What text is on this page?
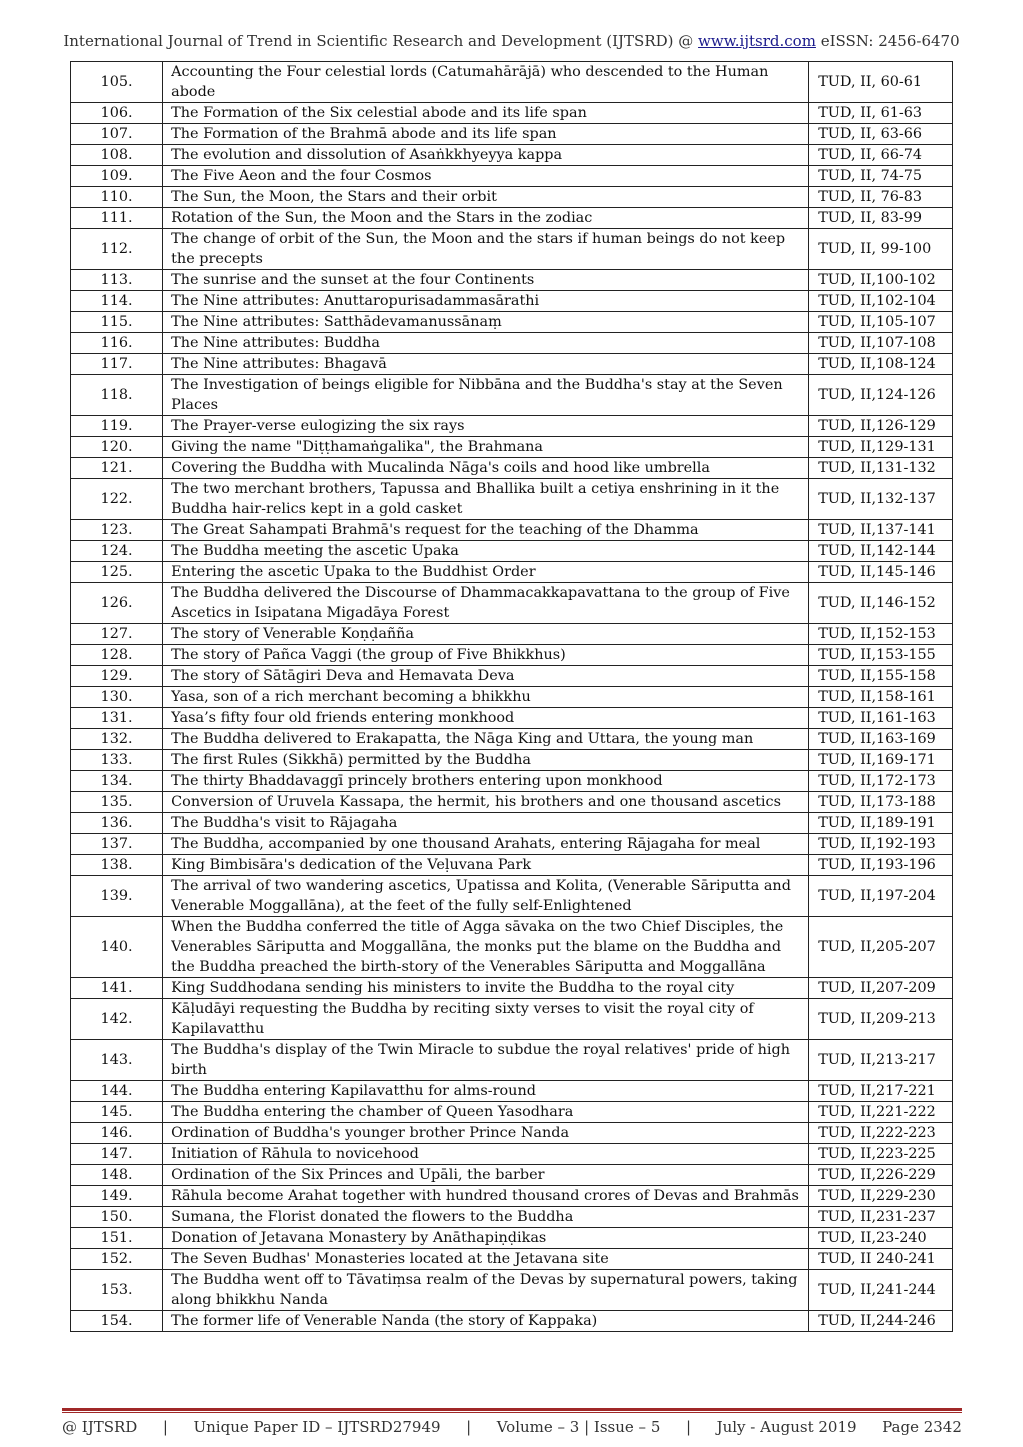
International Journal of Trend in Scientific Research and Development (IJTSRD) @ www.ijtsrd.com eISSN: 2456-6470
105.	Accounting the Four celestial lords (Catumahārājā) who descended to the Human abode	TUD, II, 60-61
106.	The Formation of the Six celestial abode and its life span	TUD, II, 61-63
107.	The Formation of the Brahmā abode and its life span	TUD, II, 63-66
108.	The evolution and dissolution of Asaṅkkhyeyya kappa	TUD, II, 66-74
109.	The Five Aeon and the four Cosmos	TUD, II, 74-75
110.	The Sun, the Moon, the Stars and their orbit	TUD, II, 76-83
111.	Rotation of the Sun, the Moon and the Stars in the zodiac	TUD, II, 83-99
112.	The change of orbit of the Sun, the Moon and the stars if human beings do not keep the precepts	TUD, II, 99-100
113.	The sunrise and the sunset at the four Continents	TUD, II,100-102
114.	The Nine attributes: Anuttaropurisadammasārathi	TUD, II,102-104
115.	The Nine attributes: Satthādevamanussānaṃ	TUD, II,105-107
116.	The Nine attributes: Buddha	TUD, II,107-108
117.	The Nine attributes: Bhagavā	TUD, II,108-124
118.	The Investigation of beings eligible for Nibbāna and the Buddha's stay at the Seven Places	TUD, II,124-126
119.	The Prayer-verse eulogizing the six rays	TUD, II,126-129
120.	Giving the name "Diṭṭhamaṅgalika", the Brahmana	TUD, II,129-131
121.	Covering the Buddha with Mucalinda Nāga's coils and hood like umbrella	TUD, II,131-132
122.	The two merchant brothers, Tapussa and Bhallika built a cetiya enshrining in it the Buddha hair-relics kept in a gold casket	TUD, II,132-137
123.	The Great Sahampati Brahmā's request for the teaching of the Dhamma	TUD, II,137-141
124.	The Buddha meeting the ascetic Upaka	TUD, II,142-144
125.	Entering the ascetic Upaka to the Buddhist Order	TUD, II,145-146
126.	The Buddha delivered the Discourse of Dhammacakkapavattana to the group of Five Ascetics in Isipatana Migadāya Forest	TUD, II,146-152
127.	The story of Venerable Koṇḍañña	TUD, II,152-153
128.	The story of Pañca Vaggi (the group of Five Bhikkhus)	TUD, II,153-155
129.	The story of Sātāgiri Deva and Hemavata Deva	TUD, II,155-158
130.	Yasa, son of a rich merchant becoming a bhikkhu	TUD, II,158-161
131.	Yasa’s fifty four old friends entering monkhood	TUD, II,161-163
132.	The Buddha delivered to Erakapatta, the Nāga King and Uttara, the young man	TUD, II,163-169
133.	The first Rules (Sikkhā) permitted by the Buddha	TUD, II,169-171
134.	The thirty Bhaddavaggī princely brothers entering upon monkhood	TUD, II,172-173
135.	Conversion of Uruvela Kassapa, the hermit, his brothers and one thousand ascetics	TUD, II,173-188
136.	The Buddha's visit to Rājagaha	TUD, II,189-191
137.	The Buddha, accompanied by one thousand Arahats, entering Rājagaha for meal	TUD, II,192-193
138.	King Bimbisāra's dedication of the Veḷuvana Park	TUD, II,193-196
139.	The arrival of two wandering ascetics, Upatissa and Kolita, (Venerable Sāriputta and Venerable Moggallāna), at the feet of the fully self-Enlightened	TUD, II,197-204
140.	When the Buddha conferred the title of Agga sāvaka on the two Chief Disciples, the Venerables Sāriputta and Moggallāna, the monks put the blame on the Buddha and the Buddha preached the birth-story of the Venerables Sāriputta and Moggallāna	TUD, II,205-207
141.	King Suddhodana sending his ministers to invite the Buddha to the royal city	TUD, II,207-209
142.	Kāḷudāyi requesting the Buddha by reciting sixty verses to visit the royal city of Kapilavatthu	TUD, II,209-213
143.	The Buddha's display of the Twin Miracle to subdue the royal relatives' pride of high birth	TUD, II,213-217
144.	The Buddha entering Kapilavatthu for alms-round	TUD, II,217-221
145.	The Buddha entering the chamber of Queen Yasodhara	TUD, II,221-222
146.	Ordination of Buddha's younger brother Prince Nanda	TUD, II,222-223
147.	Initiation of Rāhula to novicehood	TUD, II,223-225
148.	Ordination of the Six Princes and Upāli, the barber	TUD, II,226-229
149.	Rāhula become Arahat together with hundred thousand crores of Devas and Brahmās	TUD, II,229-230
150.	Sumana, the Florist donated the flowers to the Buddha	TUD, II,231-237
151.	Donation of Jetavana Monastery by Anāthapiṇḍikas	TUD, II,23-240
152.	The Seven Budhas' Monasteries located at the Jetavana site	TUD, II 240-241
153.	The Buddha went off to Tāvatiṃsa realm of the Devas by supernatural powers, taking along bhikkhu Nanda	TUD, II,241-244
154.	The former life of Venerable Nanda (the story of Kappaka)	TUD, II,244-246
@ IJTSRD | Unique Paper ID – IJTSRD27949 | Volume – 3 | Issue – 5 | July - August 2019 Page 2342
